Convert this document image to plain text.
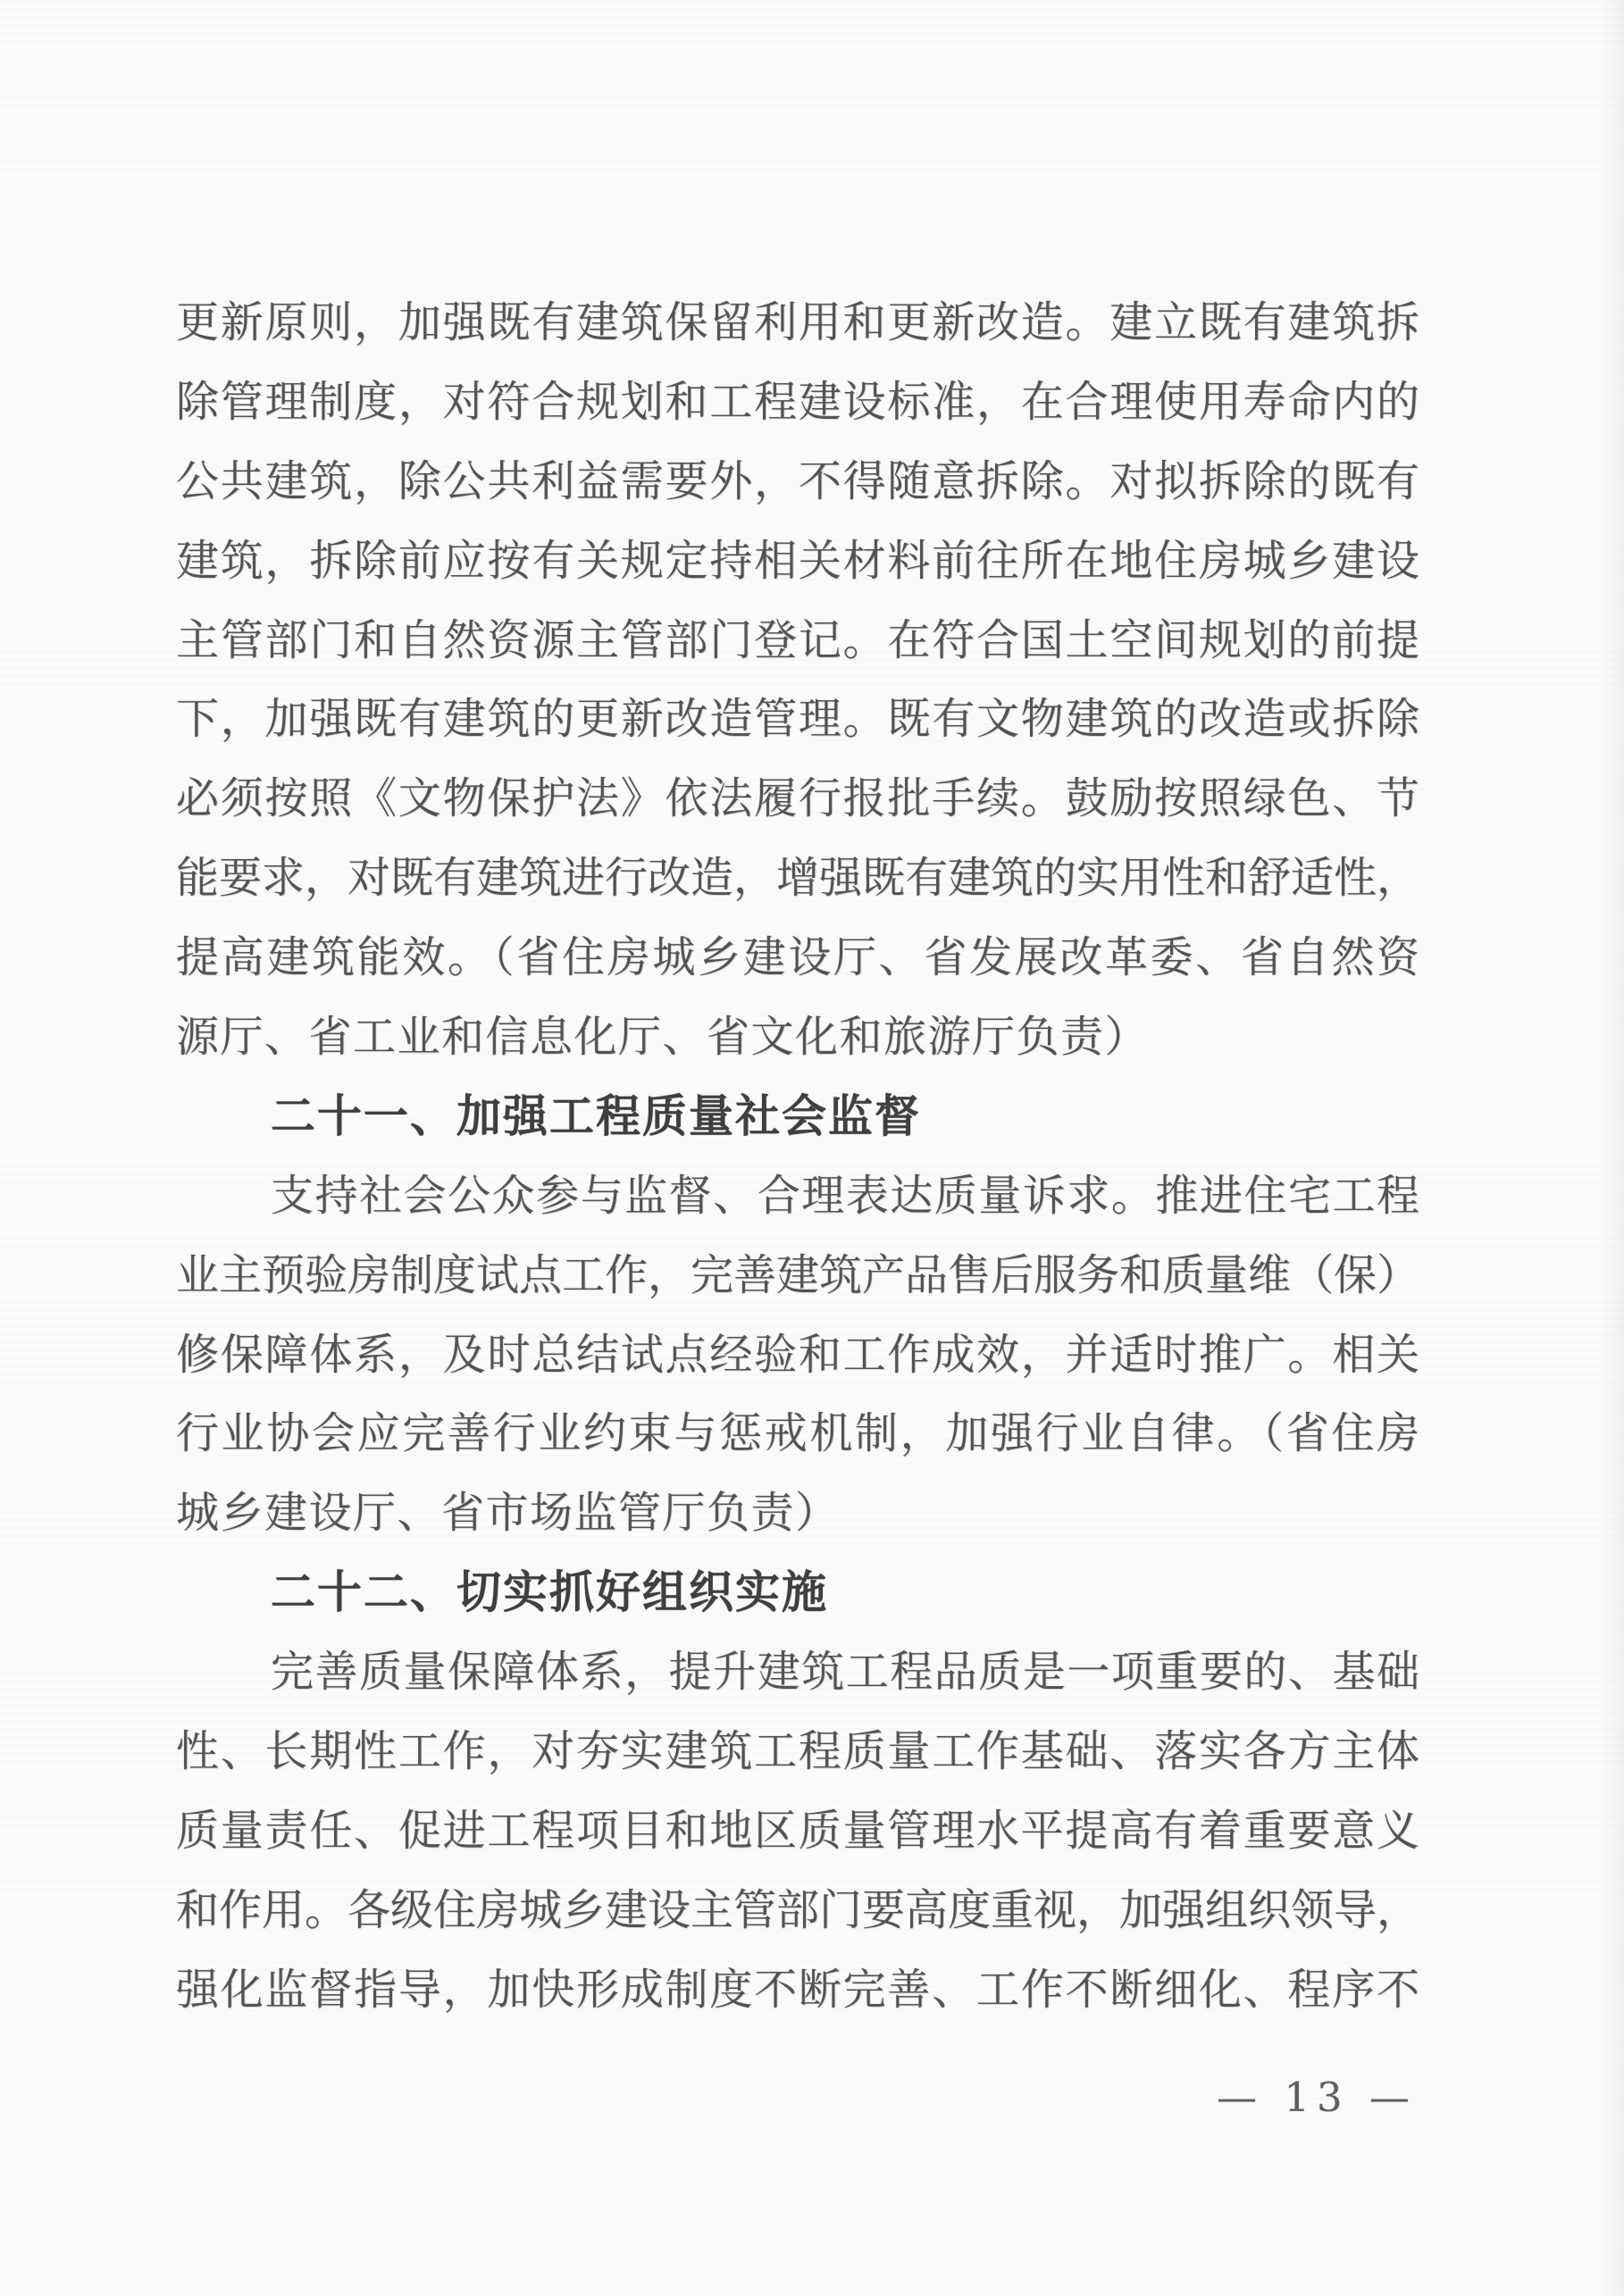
更新原则，加强既有建筑保留利用和更新改造。建立既有建筑拆
除管理制度，对符合规划和工程建设标准，在合理使用寿命内的
公共建筑，除公共利益需要外，不得随意拆除。对拟拆除的既有
建筑，拆除前应按有关规定持相关材料前往所在地住房城乡建设
主管部门和自然资源主管部门登记。在符合国土空间规划的前提
下，加强既有建筑的更新改造管理。既有文物建筑的改造或拆除
必须按照《文物保护法》依法履行报批手续。鼓励按照绿色、节
能要求，对既有建筑进行改造，增强既有建筑的实用性和舒适性，
提高建筑能效。（省住房城乡建设厅、省发展改革委、省自然资
源厅、省工业和信息化厅、省文化和旅游厅负责）
二十一、加强工程质量社会监督
支持社会公众参与监督、合理表达质量诉求。推进住宅工程
业主预验房制度试点工作，完善建筑产品售后服务和质量维（保）
修保障体系，及时总结试点经验和工作成效，并适时推广。相关
行业协会应完善行业约束与惩戒机制，加强行业自律。（省住房
城乡建设厅、省市场监管厅负责）
二十二、切实抓好组织实施
完善质量保障体系，提升建筑工程品质是一项重要的、基础
性、长期性工作，对夯实建筑工程质量工作基础、落实各方主体
质量责任、促进工程项目和地区质量管理水平提高有着重要意义
和作用。各级住房城乡建设主管部门要高度重视，加强组织领导，
强化监督指导，加快形成制度不断完善、工作不断细化、程序不
— 13 —
